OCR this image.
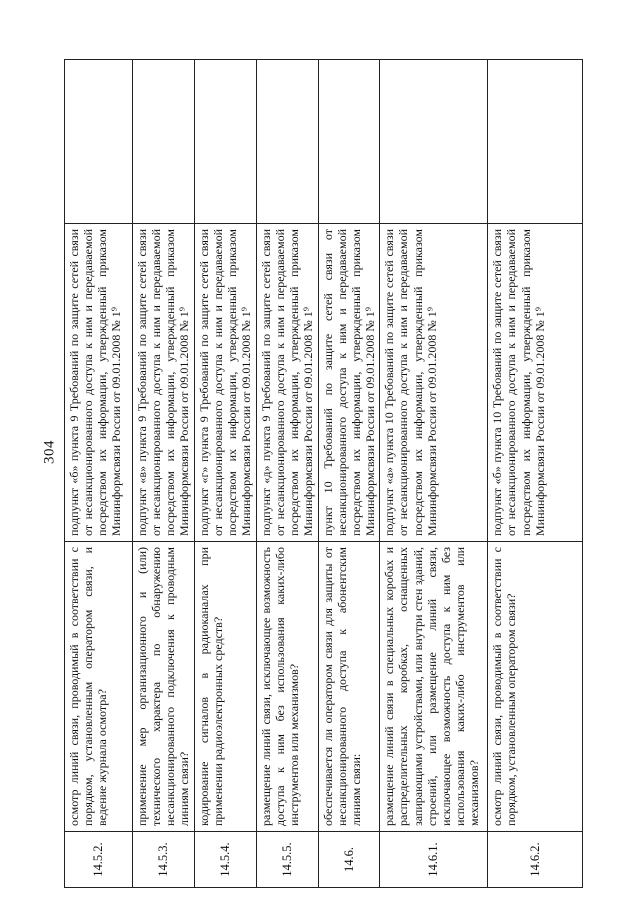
304
14.5.2.	осмотр линий связи, проводимый в соответствии с порядком, установленным оператором связи, и ведение журнала осмотра?	подпункт «б» пункта 9 Требований по защите сетей связи от несанкционированного доступа к ним и передаваемой посредством их информации, утвержденный приказом Мининформсвязи России от 09.01.2008 № 1⁹	
14.5.3.	применение мер организационного и (или) технического характера по обнаружению несанкционированного подключения к проводным линиям связи?	подпункт «в» пункта 9 Требований по защите сетей связи от несанкционированного доступа к ним и передаваемой посредством их информации, утвержденный приказом Мининформсвязи России от 09.01.2008 № 1⁹	
14.5.4.	кодирование сигналов в радиоканалах при применении радиоэлектронных средств?	подпункт «г» пункта 9 Требований по защите сетей связи от несанкционированного доступа к ним и передаваемой посредством их информации, утвержденный приказом Мининформсвязи России от 09.01.2008 № 1⁹	
14.5.5.	размещение линий связи, исключающее возможность доступа к ним без использования каких-либо инструментов или механизмов?	подпункт «д» пункта 9 Требований по защите сетей связи от несанкционированного доступа к ним и передаваемой посредством их информации, утвержденный приказом Мининформсвязи России от 09.01.2008 № 1⁹	
14.6.	обеспечивается ли оператором связи для защиты от несанкционированного доступа к абонентским линиям связи:	пункт 10 Требований по защите сетей связи от несанкционированного доступа к ним и передаваемой посредством их информации, утвержденный приказом Мининформсвязи России от 09.01.2008 № 1⁹	
14.6.1.	размещение линий связи в специальных коробах и распределительных коробках, оснащенных запирающими устройствами, или внутри стен зданий, строений, или размещение линий связи, исключающее возможность доступа к ним без использования каких-либо инструментов или механизмов?	подпункт «а» пункта 10 Требований по защите сетей связи от несанкционированного доступа к ним и передаваемой посредством их информации, утвержденный приказом Мининформсвязи России от 09.01.2008 № 1⁹	
14.6.2.	осмотр линий связи, проводимый в соответствии с порядком, установленным оператором связи?	подпункт «б» пункта 10 Требований по защите сетей связи от несанкционированного доступа к ним и передаваемой посредством их информации, утвержденный приказом Мининформсвязи России от 09.01.2008 № 1⁹	
